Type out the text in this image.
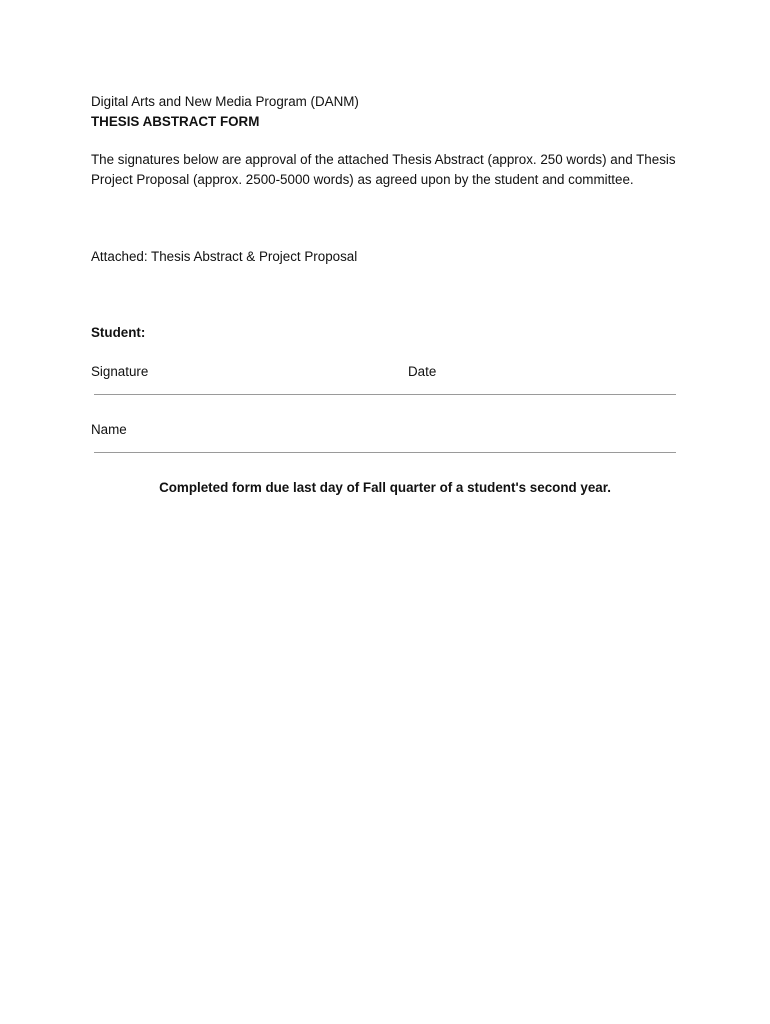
Digital Arts and New Media Program (DANM)
THESIS ABSTRACT FORM
The signatures below are approval of the attached Thesis Abstract (approx. 250 words) and Thesis Project Proposal (approx. 2500-5000 words) as agreed upon by the student and committee.
Attached: Thesis Abstract & Project Proposal
Student:
Signature	Date
Name
Completed form due last day of Fall quarter of a student's second year.
